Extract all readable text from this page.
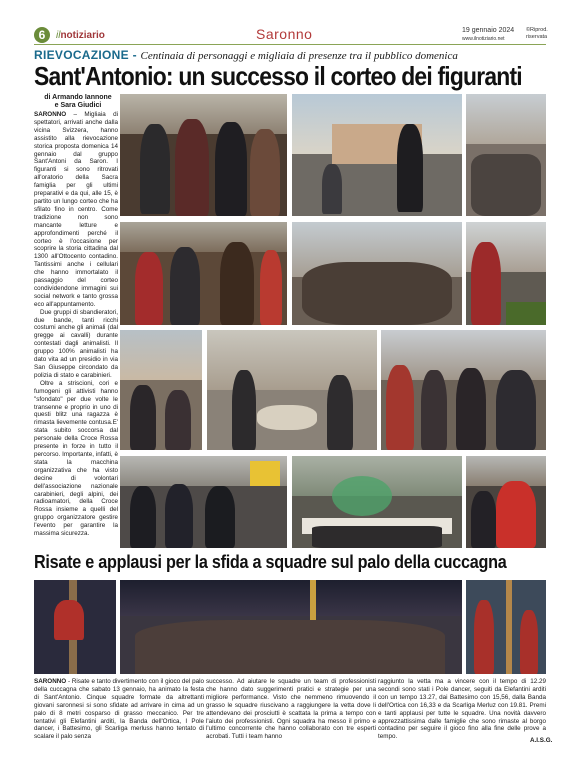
6	ilnotiziario	Saronno	19 gennaio 2024
www.ilnotiziario.net
©Riprod. riservata
RIEVOCAZIONE - Centinaia di personaggi e migliaia di presenze tra il pubblico domenica
Sant'Antonio: un successo il corteo dei figuranti
di Armando Iannone
e Sara Giudici

SARONNO – Migliaia di spettatori, arrivati anche dalla vicina Svizzera, hanno assistito alla rievocazione storica proposta domenica 14 gennaio dal gruppo Sant'Antoni da Saron. I figuranti si sono ritrovati all'oratorio della Sacra famiglia per gli ultimi preparativi e da qui, alle 15, è partito un lungo corteo che ha sfilato fino in centro. Come tradizione non sono mancante letture e approfondimenti perché il corteo è l'occasione per scoprire la storia cittadina dal 1300 all'Ottocento contadino. Tantissimi anche i cellulari che hanno immortalato il passaggio del corteo condividendone immagini sui social network e tanto grossa eco all'appuntamento.

Due gruppi di sbandieratori, due bande, tanti ricchi costumi anche gli animali (dal gregge ai cavalli) durante contestati dagli animalisti. Il gruppo 100% animalisti ha dato vita ad un presidio in via San Giuseppe circondato da polizia di stato e carabinieri.

Oltre a striscioni, cori e fumogeni gli attivisti hanno "sfondato" per due volte le transenne e proprio in uno di questi blitz una ragazza è rimasta lievemente contusa.E' stata subito soccorsa dal personale della Croce Rossa presente in forze in tutto il percorso. Importante, infatti, è stata la macchina organizzativa che ha visto decine di volontari dell'associazione nazionale carabinieri, degli alpini, dei radioamatori, della Croce Rossa insieme a quelli del gruppo organizzatore gestire l'evento per garantire la massima sicurezza.

Risate e applausi per la sfida a squadre sul palo della cuccagna
SARONNO - Risate e tanto divertimento con il gioco del palo della cuccagna che sabato 13 gennaio, ha animato la festa di Sant'Antonio. Cinque squadre formate da altrettanti giovani saronnesi si sono sfidate ad arrivare in cima ad un palo di 8 metri cosparso di grasso meccanico. Per tre tentativi gli Elefantini arditi, la Banda dell'Ortica, I Pole dancer, i Battesimo, gli Scarliga merluss hanno tentato di scalare il palo senza
successo. Ad aiutare le squadre un team di professionisti che hanno dato suggerimenti pratici e strategie per una migliore performance. Visto che nemmeno rimuovendo il grasso le squadre riuscivano a raggiungere la vetta dove li attendevano dei prosciutti è scattata la prima a tempo con l'aiuto dei professionisti. Ogni squadra ha messo il primo e l'ultimo concorrente che hanno collaborato con tre esperti acrobati. Tutti i team hanno
raggiunto la vetta ma a vincere con il tempo di 12.29 secondi sono stati i Pole dancer, seguiti da Elefantini arditi con un tempo 13.27, dai Battesimo con 15,56, dalla Banda dell'Ortica con 16,33 e da Scarliga Merluz con 19.81. Premi e tanti applausi per tutte le squadre. Una novità davvero apprezzattissima dalle famiglie che sono rimaste al borgo contadino per seguire il gioco fino alla fine delle prove a tempo.
A.I.S.G.
